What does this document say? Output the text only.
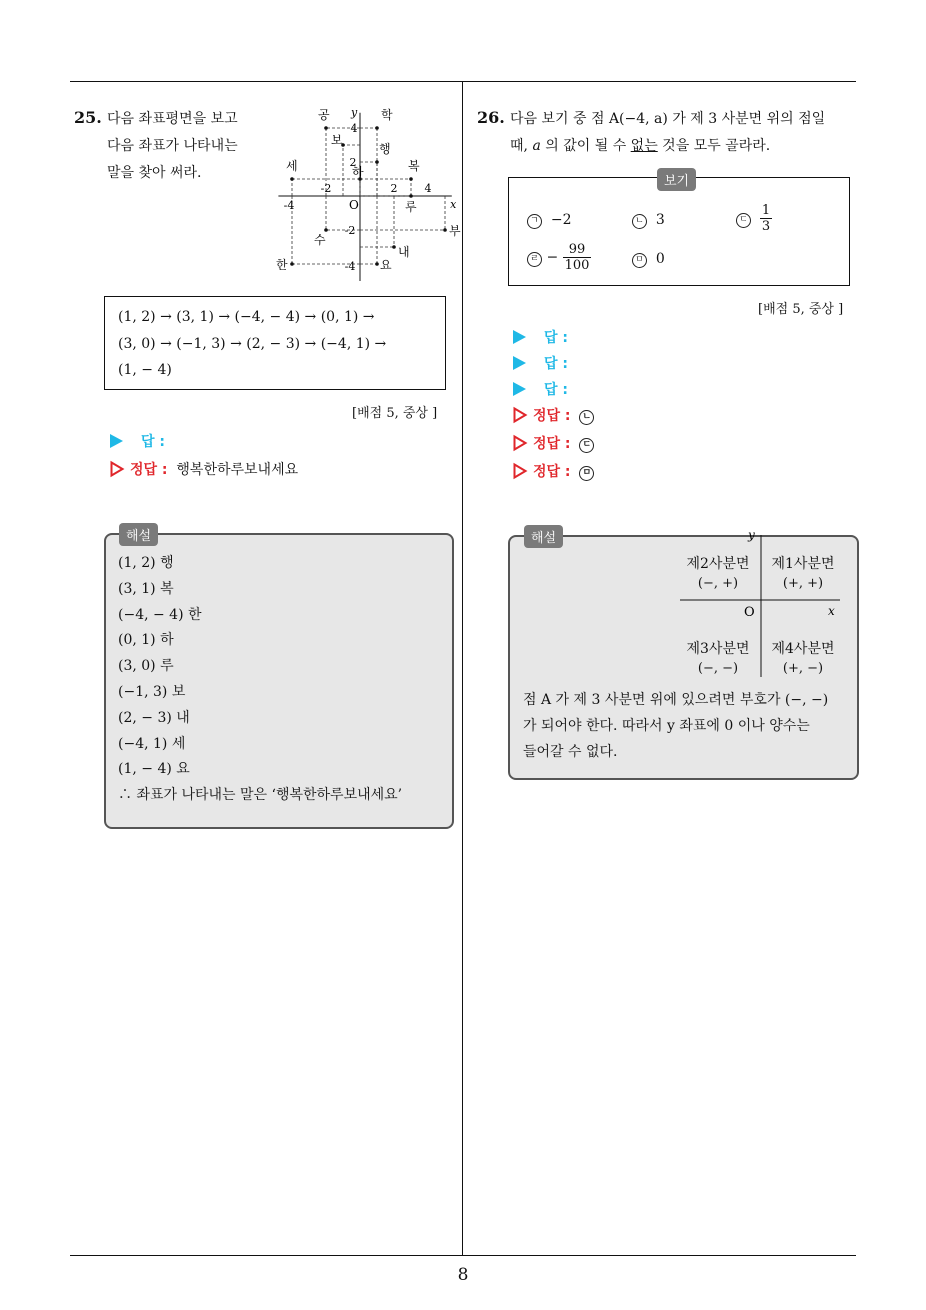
8
25. 다음 좌표평면을 보고
다음 좌표가 나타내는
말을 찾아 써라.
4
2
-2
-4
4
2
-2
-4	x
y
O
공	학
보
행
세	복
하
루
부
수
내
한	요
(1, 2) → (3, 1) → (−4, − 4) → (0, 1) →
(3, 0) → (−1, 3) → (2, − 3) → (−4, 1) →
(1, − 4)
[배점 5, 중상 ]
답 :
정답 : 행복한하루보내세요
(1, 2) 행
(3, 1) 복
(−4, − 4) 한
(0, 1) 하
(3, 0) 루
(−1, 3) 보
(2, − 3) 내
(−4, 1) 세
(1, − 4) 요
∴ 좌표가 나타내는 말은 ‘행복한하루보내세요’
해설
26. 다음 보기 중 점 A(−4, a) 가 제 3 사분면 위의 점일
때, a 의 값이 될 수 없는 것을 모두 골라라.
보기
ㄱ −2	ㄴ 3	ㄷ $\frac{1}{3}$
ㄹ − $\frac{99}{100}$	ㅁ 0
[배점 5, 중상 ]
답 :
답 :
답 :
정답 : ㄴ
정답 : ㄷ
정답 : ㅁ
y
x
O
제2사분면
(−, +)
제1사분면
(+, +)
제3사분면
(−, −)
제4사분면
(+, −)
점 A 가 제 3 사분면 위에 있으려면 부호가 (−, −)
가 되어야 한다. 따라서 y 좌표에 0 이나 양수는
들어갈 수 없다.
해설
